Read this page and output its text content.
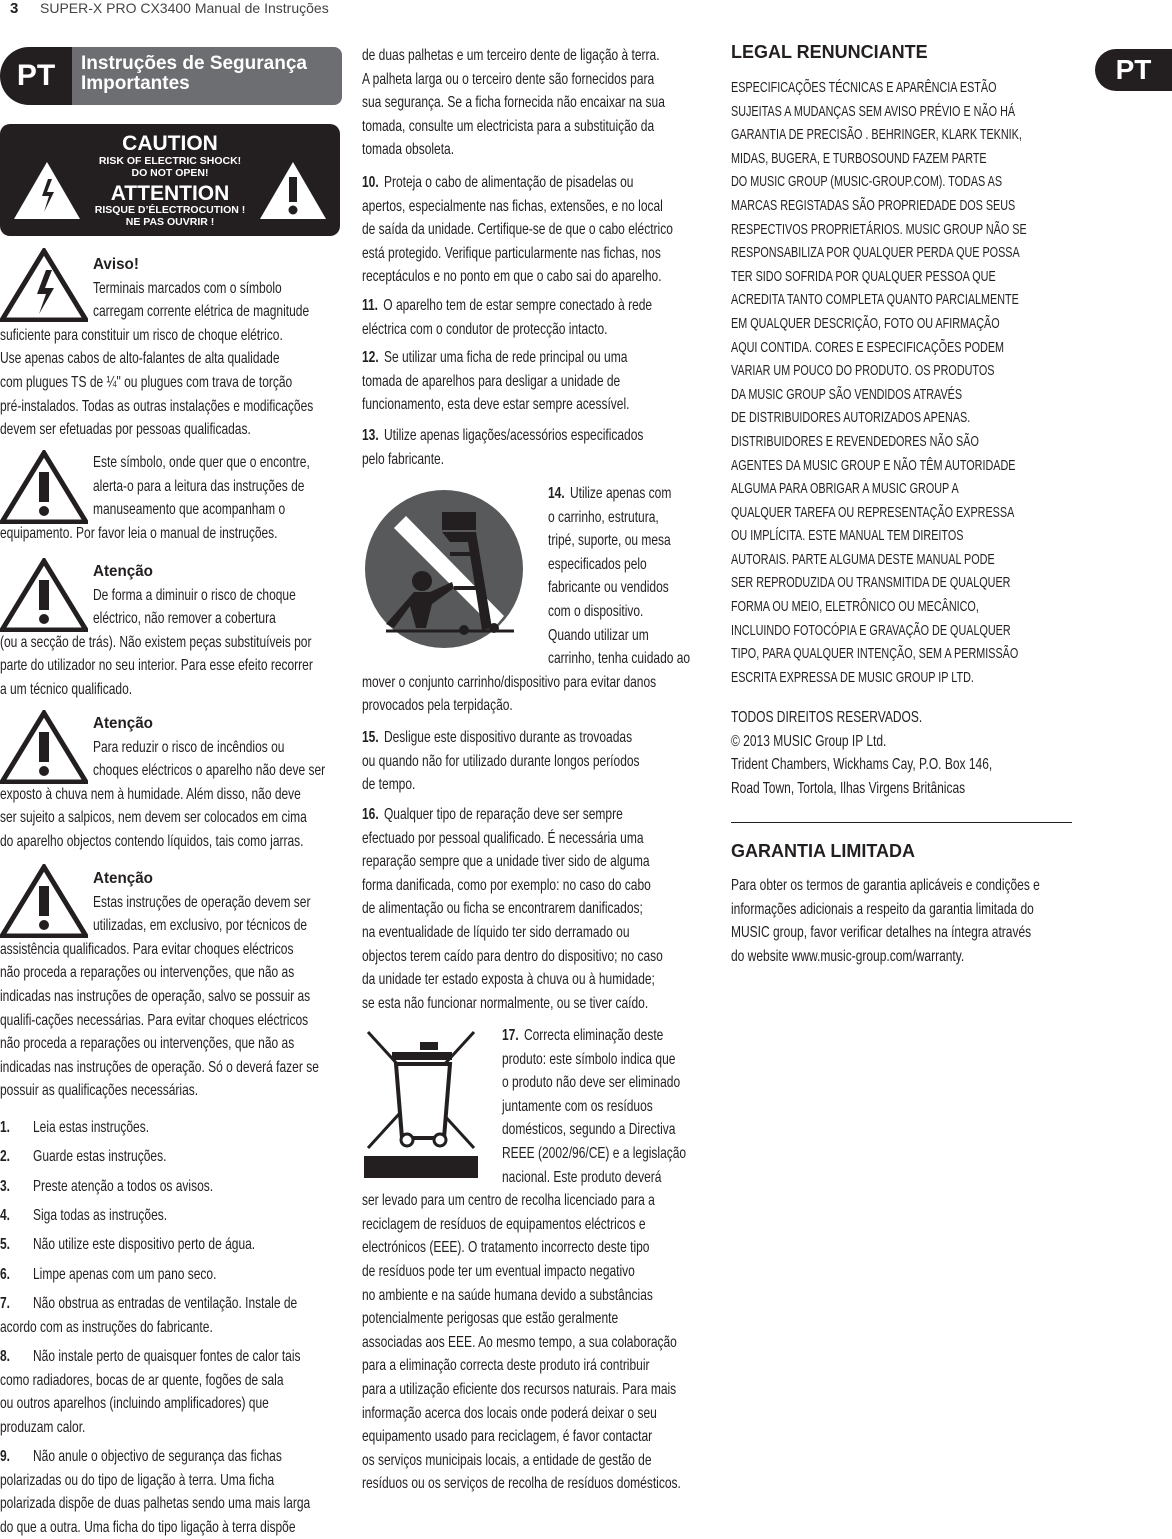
3 SUPER-X PRO CX3400 Manual de Instruções
PT	Instruções de Segurança
Importantes	PT
CAUTION
RISK OF ELECTRIC SHOCK!
DO NOT OPEN!
ATTENTION
RISQUE D’ÉLECTROCUTION !
NE PAS OUVRIR !
Aviso!
Terminais marcados com o símbolo
carregam corrente elétrica de magnitude
suficiente para constituir um risco de choque elétrico.
Use apenas cabos de alto-falantes de alta qualidade
com plugues TS de ¼" ou plugues com trava de torção
pré-instalados. Todas as outras instalações e modificações
devem ser efetuadas por pessoas qualificadas.
Este símbolo, onde quer que o encontre,
alerta-o para a leitura das instruções de
manuseamento que acompanham o
equipamento. Por favor leia o manual de instruções.
Atenção
De forma a diminuir o risco de choque
eléctrico, não remover a cobertura
(ou a secção de trás). Não existem peças substituíveis por
parte do utilizador no seu interior. Para esse efeito recorrer
a um técnico qualificado.
Atenção
Para reduzir o risco de incêndios ou
choques eléctricos o aparelho não deve ser
exposto à chuva nem à humidade. Além disso, não deve
ser sujeito a salpicos, nem devem ser colocados em cima
do aparelho objectos contendo líquidos, tais como jarras.
Atenção
Estas instruções de operação devem ser
utilizadas, em exclusivo, por técnicos de
assistência qualificados. Para evitar choques eléctricos
não proceda a reparações ou intervenções, que não as
indicadas nas instruções de operação, salvo se possuir as
qualifi-cações necessárias. Para evitar choques eléctricos
não proceda a reparações ou intervenções, que não as
indicadas nas instruções de operação. Só o deverá fazer se
possuir as qualificações necessárias.
1. Leia estas instruções.
2. Guarde estas instruções.
3. Preste atenção a todos os avisos.
4. Siga todas as instruções.
5. Não utilize este dispositivo perto de água.
6. Limpe apenas com um pano seco.
7. Não obstrua as entradas de ventilação. Instale de
acordo com as instruções do fabricante.
8. Não instale perto de quaisquer fontes de calor tais
como radiadores, bocas de ar quente, fogões de sala
ou outros aparelhos (incluindo amplificadores) que
produzam calor.
9. Não anule o objectivo de segurança das fichas
polarizadas ou do tipo de ligação à terra. Uma ficha
polarizada dispõe de duas palhetas sendo uma mais larga
do que a outra. Uma ficha do tipo ligação à terra dispõe
de duas palhetas e um terceiro dente de ligação à terra.
A palheta larga ou o terceiro dente são fornecidos para
sua segurança. Se a ficha fornecida não encaixar na sua
tomada, consulte um electricista para a substituição da
tomada obsoleta.
10. Proteja o cabo de alimentação de pisadelas ou
apertos, especialmente nas fichas, extensões, e no local
de saída da unidade. Certifique-se de que o cabo eléctrico
está protegido. Verifique particularmente nas fichas, nos
receptáculos e no ponto em que o cabo sai do aparelho.
11. O aparelho tem de estar sempre conectado à rede
eléctrica com o condutor de protecção intacto.
12. Se utilizar uma ficha de rede principal ou uma
tomada de aparelhos para desligar a unidade de
funcionamento, esta deve estar sempre acessível.
13. Utilize apenas ligações/acessórios especificados
pelo fabricante.
14. Utilize apenas com
o carrinho, estrutura,
tripé, suporte, ou mesa
especificados pelo
fabricante ou vendidos
com o dispositivo.
Quando utilizar um
carrinho, tenha cuidado ao
mover o conjunto carrinho/dispositivo para evitar danos
provocados pela terpidação.
15. Desligue este dispositivo durante as trovoadas
ou quando não for utilizado durante longos períodos
de tempo.
16. Qualquer tipo de reparação deve ser sempre
efectuado por pessoal qualificado. É necessária uma
reparação sempre que a unidade tiver sido de alguma
forma danificada, como por exemplo: no caso do cabo
de alimentação ou ficha se encontrarem danificados;
na eventualidade de líquido ter sido derramado ou
objectos terem caído para dentro do dispositivo; no caso
da unidade ter estado exposta à chuva ou à humidade;
se esta não funcionar normalmente, ou se tiver caído.
17. Correcta eliminação deste
produto: este símbolo indica que
o produto não deve ser eliminado
juntamente com os resíduos
domésticos, segundo a Directiva
REEE (2002/96/CE) e a legislação
nacional. Este produto deverá
ser levado para um centro de recolha licenciado para a
reciclagem de resíduos de equipamentos eléctricos e
electrónicos (EEE). O tratamento incorrecto deste tipo
de resíduos pode ter um eventual impacto negativo
no ambiente e na saúde humana devido a substâncias
potencialmente perigosas que estão geralmente
associadas aos EEE. Ao mesmo tempo, a sua colaboração
para a eliminação correcta deste produto irá contribuir
para a utilização eficiente dos recursos naturais. Para mais
informação acerca dos locais onde poderá deixar o seu
equipamento usado para reciclagem, é favor contactar
os serviços municipais locais, a entidade de gestão de
resíduos ou os serviços de recolha de resíduos domésticos.
LEGAL RENUNCIANTE
ESPECIFICAÇÕES TÉCNICAS E APARÊNCIA ESTÃO
SUJEITAS A MUDANÇAS SEM AVISO PRÉVIO E NÃO HÁ
GARANTIA DE PRECISÃO . BEHRINGER, KLARK TEKNIK,
MIDAS, BUGERA, E TURBOSOUND FAZEM PARTE
DO MUSIC GROUP (MUSIC-GROUP.COM). TODAS AS
MARCAS REGISTADAS SÃO PROPRIEDADE DOS SEUS
RESPECTIVOS PROPRIETÁRIOS. MUSIC GROUP NÃO SE
RESPONSABILIZA POR QUALQUER PERDA QUE POSSA
TER SIDO SOFRIDA POR QUALQUER PESSOA QUE
ACREDITA TANTO COMPLETA QUANTO PARCIALMENTE
EM QUALQUER DESCRIÇÃO, FOTO OU AFIRMAÇÃO
AQUI CONTIDA. CORES E ESPECIFICAÇÕES PODEM
VARIAR UM POUCO DO PRODUTO. OS PRODUTOS
DA MUSIC GROUP SÃO VENDIDOS ATRAVÉS
DE DISTRIBUIDORES AUTORIZADOS APENAS.
DISTRIBUIDORES E REVENDEDORES NÃO SÃO
AGENTES DA MUSIC GROUP E NÃO TÊM AUTORIDADE
ALGUMA PARA OBRIGAR A MUSIC GROUP A
QUALQUER TAREFA OU REPRESENTAÇÃO EXPRESSA
OU IMPLÍCITA. ESTE MANUAL TEM DIREITOS
AUTORAIS. PARTE ALGUMA DESTE MANUAL PODE
SER REPRODUZIDA OU TRANSMITIDA DE QUALQUER
FORMA OU MEIO, ELETRÔNICO OU MECÂNICO,
INCLUINDO FOTOCÓPIA E GRAVAÇÃO DE QUALQUER
TIPO, PARA QUALQUER INTENÇÃO, SEM A PERMISSÃO
ESCRITA EXPRESSA DE MUSIC GROUP IP LTD.
TODOS DIREITOS RESERVADOS.
© 2013 MUSIC Group IP Ltd.
Trident Chambers, Wickhams Cay, P.O. Box 146,
Road Town, Tortola, Ilhas Virgens Britânicas
GARANTIA LIMITADA
Para obter os termos de garantia aplicáveis e condições e
informações adicionais a respeito da garantia limitada do
MUSIC group, favor verificar detalhes na íntegra através
do website www.music-group.com/warranty.
